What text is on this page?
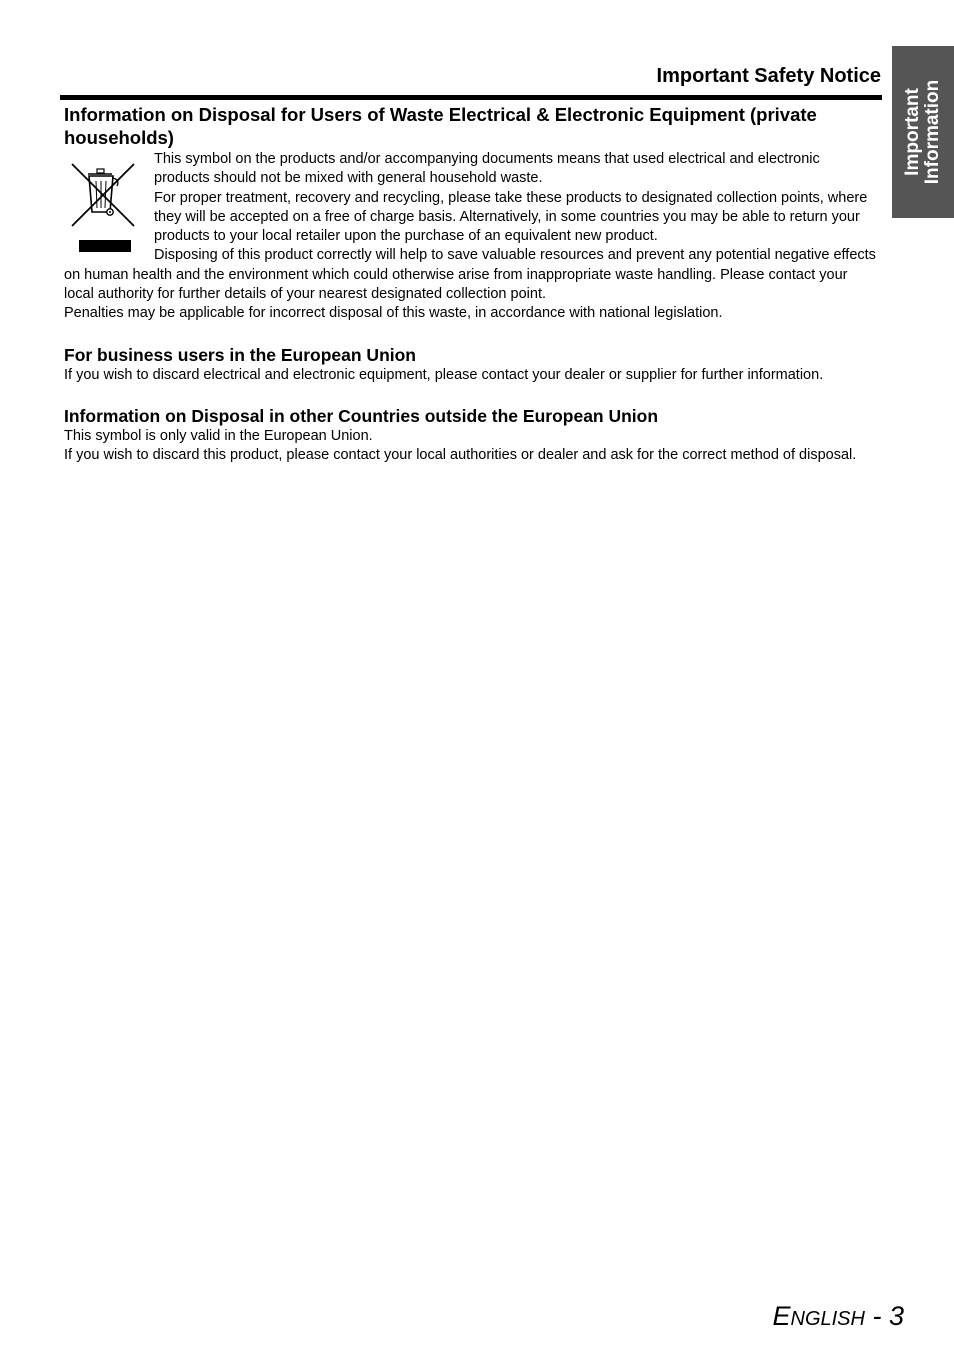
Important Information
Important Safety Notice
Information on Disposal for Users of Waste Electrical & Electronic Equipment (private households)

This symbol on the products and/or accompanying documents means that used electrical and electronic products should not be mixed with general household waste.

For proper treatment, recovery and recycling, please take these products to designated collection points, where they will be accepted on a free of charge basis. Alternatively, in some countries you may be able to return your products to your local retailer upon the purchase of an equivalent new product.

Disposing of this product correctly will help to save valuable resources and prevent any potential negative effects on human health and the environment which could otherwise arise from inappropriate waste handling. Please contact your local authority for further details of your nearest designated collection point.

Penalties may be applicable for incorrect disposal of this waste, in accordance with national legislation.

For business users in the European Union

If you wish to discard electrical and electronic equipment, please contact your dealer or supplier for further information.

Information on Disposal in other Countries outside the European Union

This symbol is only valid in the European Union.

If you wish to discard this product, please contact your local authorities or dealer and ask for the correct method of disposal.

ENGLISH - 3
